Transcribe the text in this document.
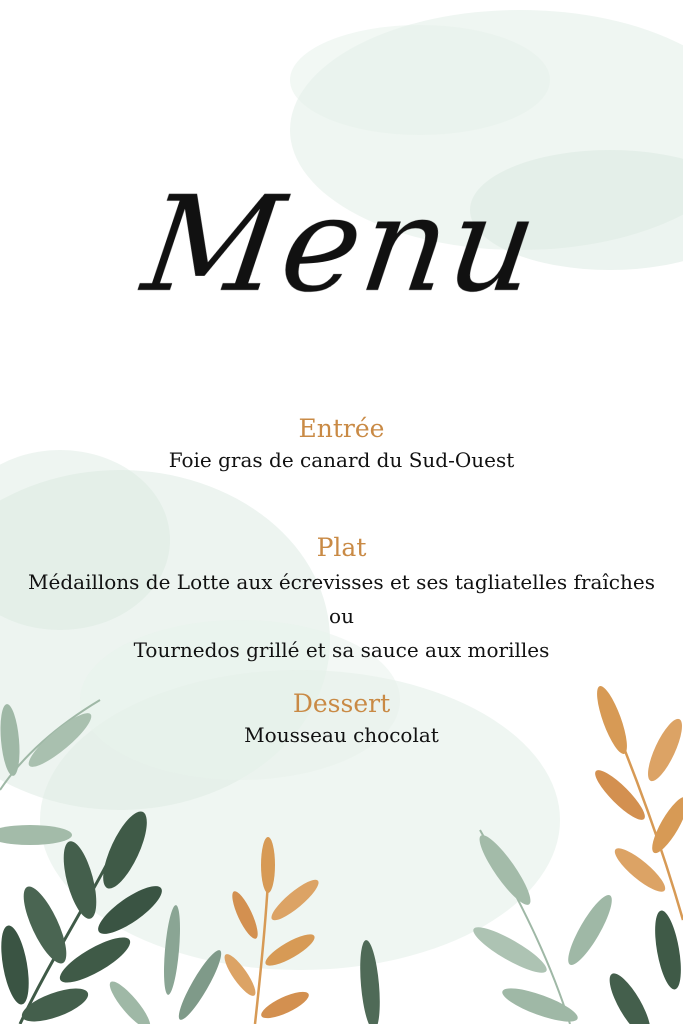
Menu
Entrée
Foie gras de canard du Sud-Ouest
Plat
Médaillons de Lotte aux écrevisses et ses tagliatelles fraîches
ou
Tournedos grillé et sa sauce aux morilles
Dessert
Mousseau chocolat
